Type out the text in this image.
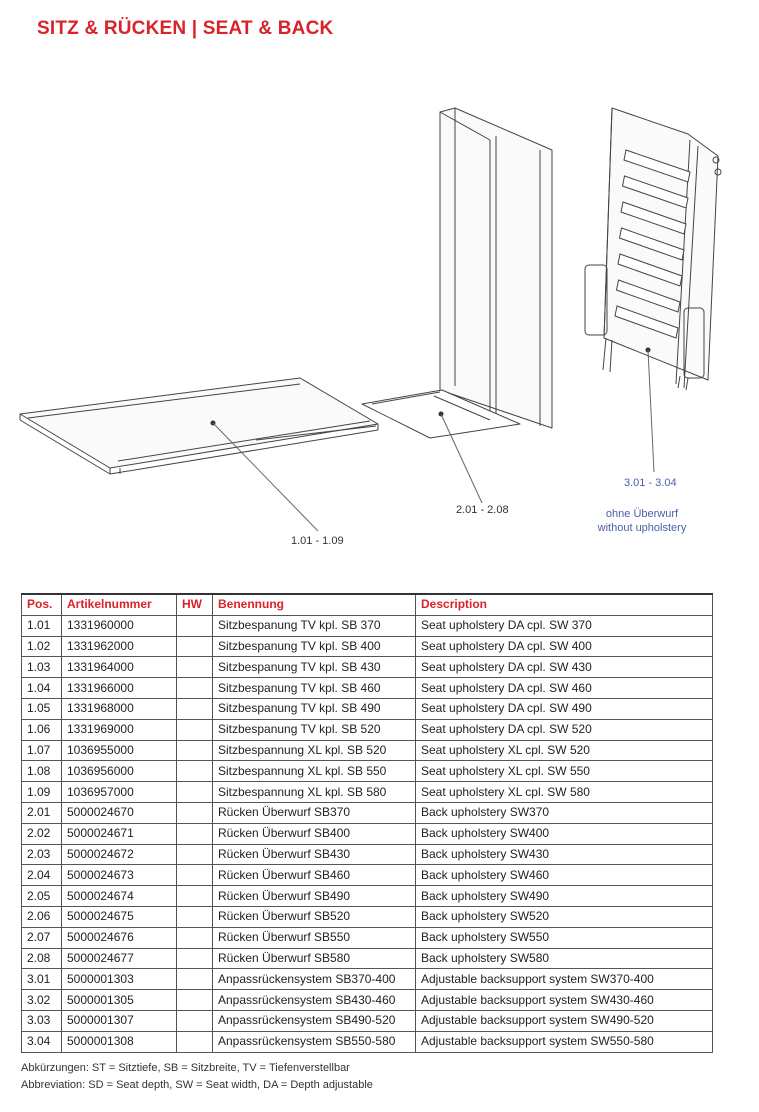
SITZ & RÜCKEN | SEAT & BACK
1.01 - 1.09
2.01 - 2.08
3.01 - 3.04
ohne Überwurf
without upholstery
Pos.	Artikelnummer	HW	Benennung	Description
1.01	1331960000		Sitzbespanung TV kpl. SB 370	Seat upholstery DA cpl. SW 370
1.02	1331962000		Sitzbespanung TV kpl. SB 400	Seat upholstery DA cpl. SW 400
1.03	1331964000		Sitzbespanung TV kpl. SB 430	Seat upholstery DA cpl. SW 430
1.04	1331966000		Sitzbespanung TV kpl. SB 460	Seat upholstery DA cpl. SW 460
1.05	1331968000		Sitzbespanung TV kpl. SB 490	Seat upholstery DA cpl. SW 490
1.06	1331969000		Sitzbespanung TV kpl. SB 520	Seat upholstery DA cpl. SW 520
1.07	1036955000		Sitzbespannung XL kpl. SB 520	Seat upholstery XL cpl. SW 520
1.08	1036956000		Sitzbespannung XL kpl. SB 550	Seat upholstery XL cpl. SW 550
1.09	1036957000		Sitzbespannung XL kpl. SB 580	Seat upholstery XL cpl. SW 580
2.01	5000024670		Rücken Überwurf SB370	Back upholstery SW370
2.02	5000024671		Rücken Überwurf SB400	Back upholstery SW400
2.03	5000024672		Rücken Überwurf SB430	Back upholstery SW430
2.04	5000024673		Rücken Überwurf SB460	Back upholstery SW460
2.05	5000024674		Rücken Überwurf SB490	Back upholstery SW490
2.06	5000024675		Rücken Überwurf SB520	Back upholstery SW520
2.07	5000024676		Rücken Überwurf SB550	Back upholstery SW550
2.08	5000024677		Rücken Überwurf SB580	Back upholstery SW580
3.01	5000001303		Anpassrückensystem SB370-400	Adjustable backsupport system SW370-400
3.02	5000001305		Anpassrückensystem SB430-460	Adjustable backsupport system SW430-460
3.03	5000001307		Anpassrückensystem SB490-520	Adjustable backsupport system SW490-520
3.04	5000001308		Anpassrückensystem SB550-580	Adjustable backsupport system SW550-580
Abkürzungen: ST = Sitztiefe, SB = Sitzbreite, TV = Tiefenverstellbar
Abbreviation: SD = Seat depth, SW = Seat width, DA = Depth adjustable
